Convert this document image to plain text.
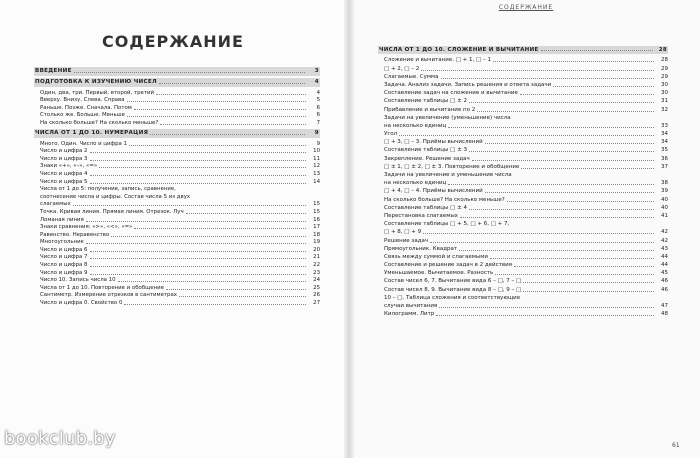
СОДЕРЖАНИЕ
СОДЕРЖАНИЕ
ВВЕДЕНИЕ	3
ПОДГОТОВКА К ИЗУЧЕНИЮ ЧИСЕЛ	4
Один, два, три. Первый, второй, третий	4
Вверху. Внизу. Слева. Справа	5
Раньше. Позже. Сначала. Потом	6
Столько же. Больше. Меньше	6
На сколько больше? На сколько меньше?	7
ЧИСЛА ОТ 1 ДО 10. НУМЕРАЦИЯ	9
Много. Один. Число и цифра 1	9
Число и цифра 2	10
Число и цифра 3	11
Знаки «+», «–», «=»	12
Число и цифра 4	13
Число и цифра 5	14
Числа от 1 до 5: получение, запись, сравнение,
соотнесение числа и цифры. Состав числа 5 из двух
слагаемых	15
Точка. Кривая линия. Прямая линия. Отрезок. Луч	15
Ломаная линия	16
Знаки сравнения: «>», «<», «=»	17
Равенство. Неравенство	18
Многоугольник	19
Число и цифра 6	20
Число и цифра 7	21
Число и цифра 8	22
Число и цифра 9	23
Число 10. Запись числа 10	24
Числа от 1 до 10. Повторение и обобщение	25
Сантиметр. Измерение отрезков в сантиметрах	26
Число и цифра 0. Свойство 0	27
ЧИСЛА ОТ 1 ДО 10. СЛОЖЕНИЕ И ВЫЧИТАНИЕ	28
Сложение и вычитание. □ + 1, □ – 1	28
□ + 2, □ – 2	29
Слагаемые. Сумма	29
Задача. Анализ задачи. Запись решения и ответа задачи	30
Составление задач на сложение и вычитание	30
Составление таблицы □ ± 2	31
Прибавление и вычитание по 2	32
Задачи на увеличение (уменьшение) числа
на несколько единиц	33
Угол	34
□ + 3, □ – 3. Приёмы вычислений	34
Составление таблицы □ ± 3	35
Закрепление. Решение задач	36
□ ± 1, □ ± 2, □ ± 3. Повторение и обобщение	37
Задачи на увеличение и уменьшение числа
на несколько единиц	38
□ + 4, □ – 4. Приёмы вычислений	39
На сколько больше? На сколько меньше?	40
Составление таблицы □ ± 4	40
Перестановка слагаемых	41
Составление таблицы □ + 5, □ + 6, □ + 7,
□ + 8, □ + 9	42
Решение задач	42
Прямоугольник. Квадрат	43
Связь между суммой и слагаемыми	44
Составление и решение задач в 2 действия	44
Уменьшаемое. Вычитаемое. Разность	45
Состав чисел 6, 7. Вычитание вида 6 – □, 7 – □	46
Состав чисел 8, 9. Вычитание вида 8 – □, 9 – □	46
10 – □. Таблица сложения и соответствующие
случаи вычитания	47
Килограмм. Литр	48
61
bookclub.by
